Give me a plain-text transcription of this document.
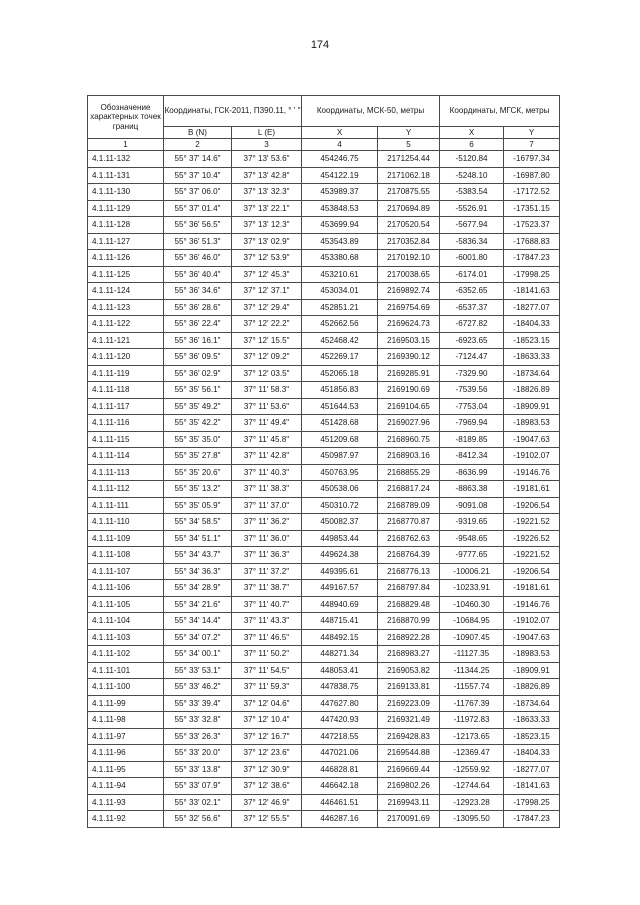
174
Обозначение характерных точек границ	Координаты, ГСК-2011, П390.11, ° ' "		Координаты, МСК-50, метры		Координаты, МГСК, метры	
	B (N)	L (E)	X	Y	X	Y
1	2	3	4	5	6	7
4.1.11-132	55° 37' 14.6"	37° 13' 53.6"	454246.75	2171254.44	-5120.84	-16797.34
4.1.11-131	55° 37' 10.4"	37° 13' 42.8"	454122.19	2171062.18	-5248.10	-16987.80
4.1.11-130	55° 37' 06.0"	37° 13' 32.3"	453989.37	2170875.55	-5383.54	-17172.52
4.1.11-129	55° 37' 01.4"	37° 13' 22.1"	453848.53	2170694.89	-5526.91	-17351.15
4.1.11-128	55° 36' 56.5"	37° 13' 12.3"	453699.94	2170520.54	-5677.94	-17523.37
4.1.11-127	55° 36' 51.3"	37° 13' 02.9"	453543.89	2170352.84	-5836.34	-17688.83
4.1.11-126	55° 36' 46.0"	37° 12' 53.9"	453380.68	2170192.10	-6001.80	-17847.23
4.1.11-125	55° 36' 40.4"	37° 12' 45.3"	453210.61	2170038.65	-6174.01	-17998.25
4.1.11-124	55° 36' 34.6"	37° 12' 37.1"	453034.01	2169892.74	-6352.65	-18141.63
4.1.11-123	55° 36' 28.6"	37° 12' 29.4"	452851.21	2169754.69	-6537.37	-18277.07
4.1.11-122	55° 36' 22.4"	37° 12' 22.2"	452662.56	2169624.73	-6727.82	-18404.33
4.1.11-121	55° 36' 16.1"	37° 12' 15.5"	452468.42	2169503.15	-6923.65	-18523.15
4.1.11-120	55° 36' 09.5"	37° 12' 09.2"	452269.17	2169390.12	-7124.47	-18633.33
4.1.11-119	55° 36' 02.9"	37° 12' 03.5"	452065.18	2169285.91	-7329.90	-18734.64
4.1.11-118	55° 35' 56.1"	37° 11' 58.3"	451856.83	2169190.69	-7539.56	-18826.89
4.1.11-117	55° 35' 49.2"	37° 11' 53.6"	451644.53	2169104.65	-7753.04	-18909.91
4.1.11-116	55° 35' 42.2"	37° 11' 49.4"	451428.68	2169027.96	-7969.94	-18983.53
4.1.11-115	55° 35' 35.0"	37° 11' 45.8"	451209.68	2168960.75	-8189.85	-19047.63
4.1.11-114	55° 35' 27.8"	37° 11' 42.8"	450987.97	2168903.16	-8412.34	-19102.07
4.1.11-113	55° 35' 20.6"	37° 11' 40.3"	450763.95	2168855.29	-8636.99	-19146.76
4.1.11-112	55° 35' 13.2"	37° 11' 38.3"	450538.06	2168817.24	-8863.38	-19181.61
4.1.11-111	55° 35' 05.9"	37° 11' 37.0"	450310.72	2168789.09	-9091.08	-19206.54
4.1.11-110	55° 34' 58.5"	37° 11' 36.2"	450082.37	2168770.87	-9319.65	-19221.52
4.1.11-109	55° 34' 51.1"	37° 11' 36.0"	449853.44	2168762.63	-9548.65	-19226.52
4.1.11-108	55° 34' 43.7"	37° 11' 36.3"	449624.38	2168764.39	-9777.65	-19221.52
4.1.11-107	55° 34' 36.3"	37° 11' 37.2"	449395.61	2168776.13	-10006.21	-19206.54
4.1.11-106	55° 34' 28.9"	37° 11' 38.7"	449167.57	2168797.84	-10233.91	-19181.61
4.1.11-105	55° 34' 21.6"	37° 11' 40.7"	448940.69	2168829.48	-10460.30	-19146.76
4.1.11-104	55° 34' 14.4"	37° 11' 43.3"	448715.41	2168870.99	-10684.95	-19102.07
4.1.11-103	55° 34' 07.2"	37° 11' 46.5"	448492.15	2168922.28	-10907.45	-19047.63
4.1.11-102	55° 34' 00.1"	37° 11' 50.2"	448271.34	2168983.27	-11127.35	-18983.53
4.1.11-101	55° 33' 53.1"	37° 11' 54.5"	448053.41	2169053.82	-11344.25	-18909.91
4.1.11-100	55° 33' 46.2"	37° 11' 59.3"	447838.75	2169133.81	-11557.74	-18826.89
4.1.11-99	55° 33' 39.4"	37° 12' 04.6"	447627.80	2169223.09	-11767.39	-18734.64
4.1.11-98	55° 33' 32.8"	37° 12' 10.4"	447420.93	2169321.49	-11972.83	-18633.33
4.1.11-97	55° 33' 26.3"	37° 12' 16.7"	447218.55	2169428.83	-12173.65	-18523.15
4.1.11-96	55° 33' 20.0"	37° 12' 23.6"	447021.06	2169544.88	-12369.47	-18404.33
4.1.11-95	55° 33' 13.8"	37° 12' 30.9"	446828.81	2169669.44	-12559.92	-18277.07
4.1.11-94	55° 33' 07.9"	37° 12' 38.6"	446642.18	2169802.26	-12744.64	-18141.63
4.1.11-93	55° 33' 02.1"	37° 12' 46.9"	446461.51	2169943.11	-12923.28	-17998.25
4.1.11-92	55° 32' 56.6"	37° 12' 55.5"	446287.16	2170091.69	-13095.50	-17847.23
